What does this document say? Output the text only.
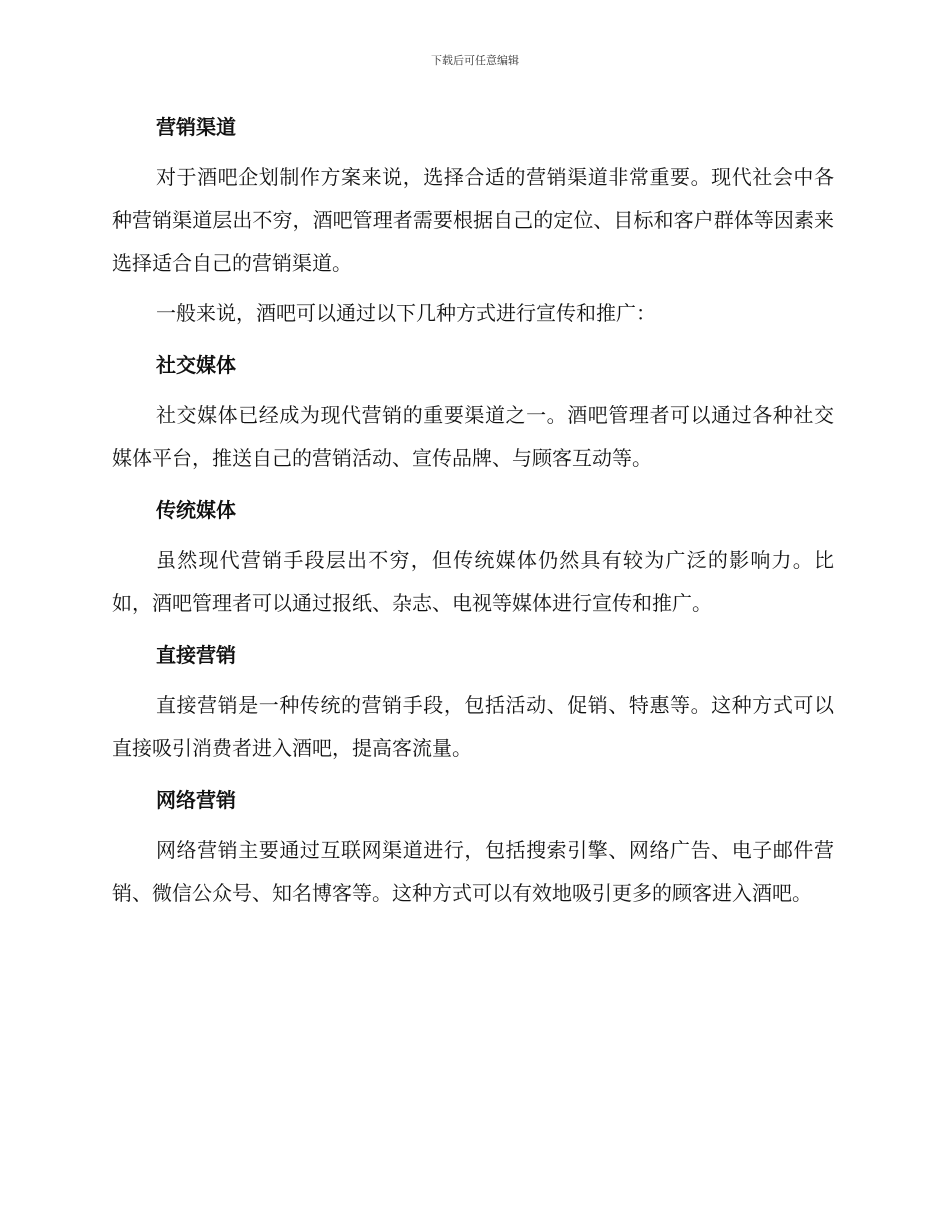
下载后可任意编辑
营销渠道

对于酒吧企划制作方案来说，选择合适的营销渠道非常重要。现代社会中各种营销渠道层出不穷，酒吧管理者需要根据自己的定位、目标和客户群体等因素来选择适合自己的营销渠道。

一般来说，酒吧可以通过以下几种方式进行宣传和推广：

社交媒体

社交媒体已经成为现代营销的重要渠道之一。酒吧管理者可以通过各种社交媒体平台，推送自己的营销活动、宣传品牌、与顾客互动等。

传统媒体

虽然现代营销手段层出不穷，但传统媒体仍然具有较为广泛的影响力。比如，酒吧管理者可以通过报纸、杂志、电视等媒体进行宣传和推广。

直接营销

直接营销是一种传统的营销手段，包括活动、促销、特惠等。这种方式可以直接吸引消费者进入酒吧，提高客流量。

网络营销

网络营销主要通过互联网渠道进行，包括搜索引擎、网络广告、电子邮件营销、微信公众号、知名博客等。这种方式可以有效地吸引更多的顾客进入酒吧。
